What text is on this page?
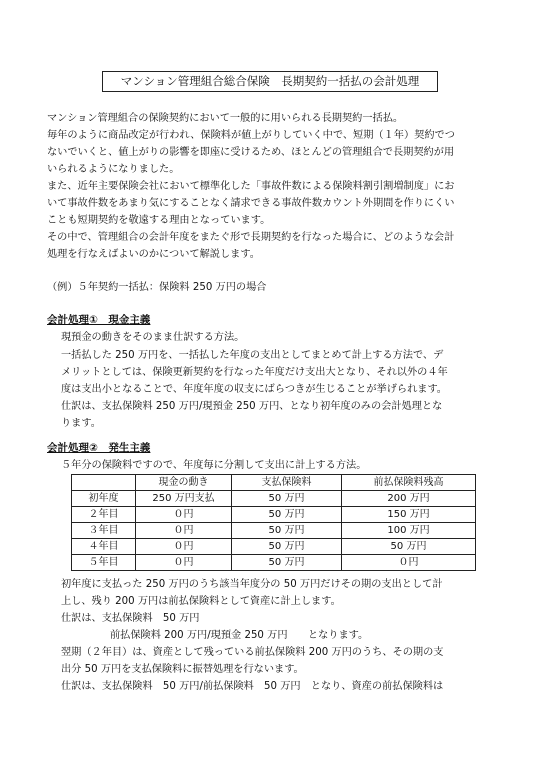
マンション管理組合総合保険　長期契約一括払の会計処理

マンション管理組合の保険契約において一般的に用いられる長期契約一括払。

毎年のように商品改定が行われ、保険料が値上がりしていく中で、短期（１年）契約でつ

ないでいくと、値上がりの影響を即座に受けるため、ほとんどの管理組合で長期契約が用

いられるようになりました。

また、近年主要保険会社において標準化した「事故件数による保険料割引割増制度」にお

いて事故件数をあまり気にすることなく請求できる事故件数カウント外期間を作りにくい

ことも短期契約を敬遠する理由となっています。

その中で、管理組合の会計年度をまたぐ形で長期契約を行なった場合に、どのような会計

処理を行なえばよいのかについて解説します。

（例）５年契約一括払：保険料 250 万円の場合

会計処理①　現金主義

現預金の動きをそのまま仕訳する方法。

一括払した 250 万円を、一括払した年度の支出としてまとめて計上する方法で、デ

メリットとしては、保険更新契約を行なった年度だけ支出大となり、それ以外の４年

度は支出小となることで、年度年度の収支にばらつきが生じることが挙げられます。

仕訳は、支払保険料 250 万円/現預金 250 万円、となり初年度のみの会計処理とな

ります。

会計処理②　発生主義

５年分の保険料ですので、年度毎に分割して支出に計上する方法。

	現金の動き	支払保険料	前払保険料残高
初年度	250 万円支払	50 万円	200 万円
２年目	０円	50 万円	150 万円
３年目	０円	50 万円	100 万円
４年目	０円	50 万円	50 万円
５年目	０円	50 万円	０円

初年度に支払った 250 万円のうち該当年度分の 50 万円だけその期の支出として計

上し、残り 200 万円は前払保険料として資産に計上します。

仕訳は、支払保険料　50 万円

前払保険料 200 万円/現預金 250 万円　　となります。

翌期（２年目）は、資産として残っている前払保険料 200 万円のうち、その期の支

出分 50 万円を支払保険料に振替処理を行ないます。

仕訳は、支払保険料　50 万円/前払保険料　50 万円　となり、資産の前払保険料は
